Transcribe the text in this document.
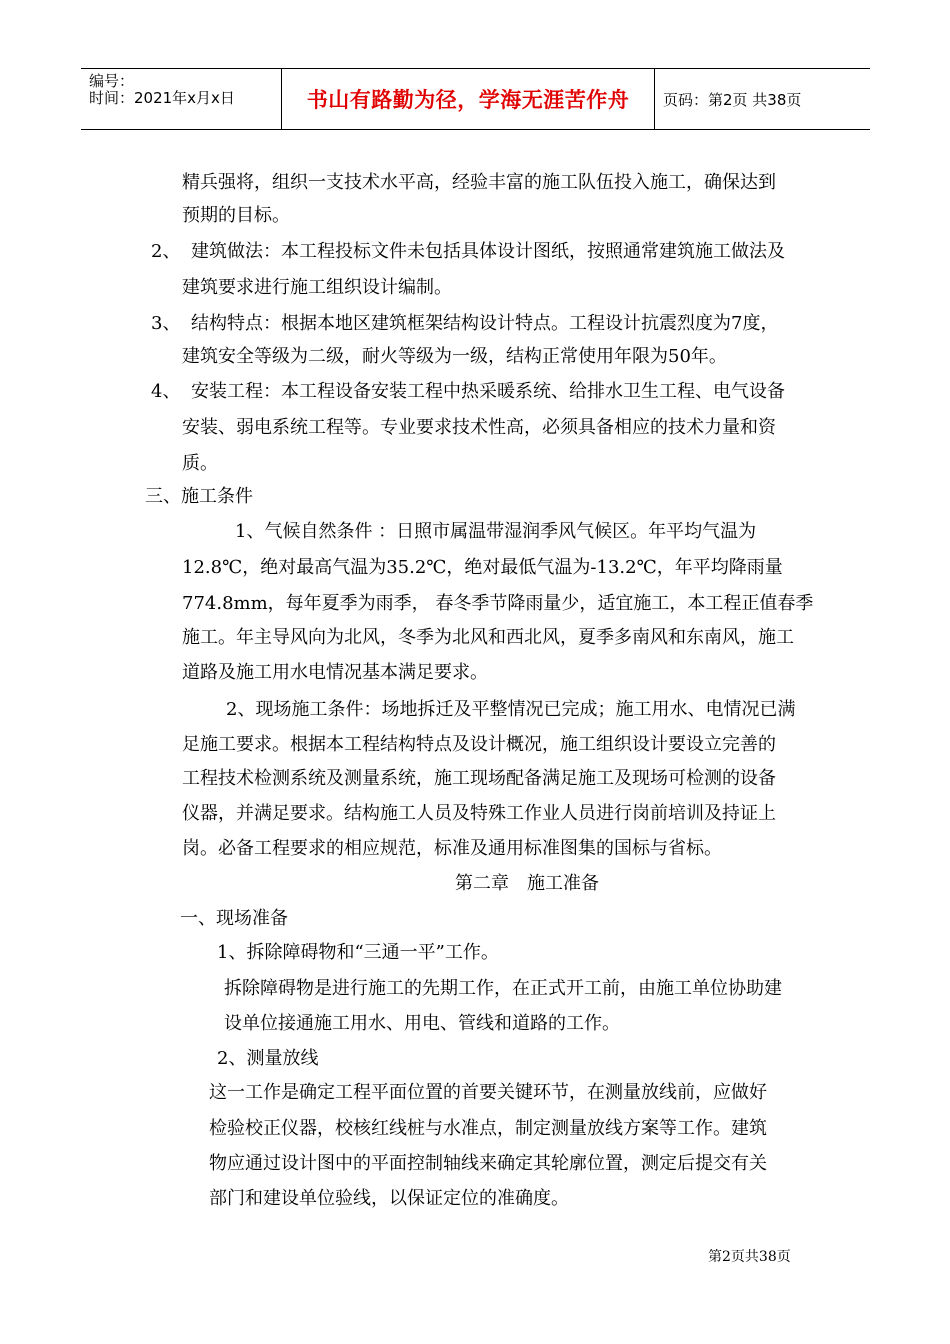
编号：
时间：2021年x月x日	书山有路勤为径，学海无涯苦作舟 页码：第2页 共38页
精兵强将，组织一支技术水平高，经验丰富的施工队伍投入施工，确保达到
预期的目标。
2、 建筑做法：本工程投标文件未包括具体设计图纸，按照通常建筑施工做法及
建筑要求进行施工组织设计编制。
3、 结构特点：根据本地区建筑框架结构设计特点。工程设计抗震烈度为7度，
建筑安全等级为二级，耐火等级为一级，结构正常使用年限为50年。
4、 安装工程：本工程设备安装工程中热采暖系统、给排水卫生工程、电气设备
安装、弱电系统工程等。专业要求技术性高，必须具备相应的技术力量和资
质。
三、施工条件
1、气候自然条件 ：日照市属温带湿润季风气候区。年平均气温为
12.8℃，绝对最高气温为35.2℃，绝对最低气温为-13.2℃，年平均降雨量
774.8mm，每年夏季为雨季， 春冬季节降雨量少，适宜施工，本工程正值春季
施工。年主导风向为北风，冬季为北风和西北风，夏季多南风和东南风，施工
道路及施工用水电情况基本满足要求。
2、现场施工条件：场地拆迁及平整情况已完成；施工用水、电情况已满
足施工要求。根据本工程结构特点及设计概况，施工组织设计要设立完善的
工程技术检测系统及测量系统，施工现场配备满足施工及现场可检测的设备
仪器，并满足要求。结构施工人员及特殊工作业人员进行岗前培训及持证上
岗。必备工程要求的相应规范，标准及通用标准图集的国标与省标。
第二章　施工准备
一、现场准备
1、拆除障碍物和“三通一平”工作。
拆除障碍物是进行施工的先期工作，在正式开工前，由施工单位协助建
设单位接通施工用水、用电、管线和道路的工作。
2、测量放线
这一工作是确定工程平面位置的首要关键环节，在测量放线前，应做好
检验校正仪器，校核红线桩与水准点，制定测量放线方案等工作。建筑
物应通过设计图中的平面控制轴线来确定其轮廓位置，测定后提交有关
部门和建设单位验线，以保证定位的准确度。
第2页共38页
